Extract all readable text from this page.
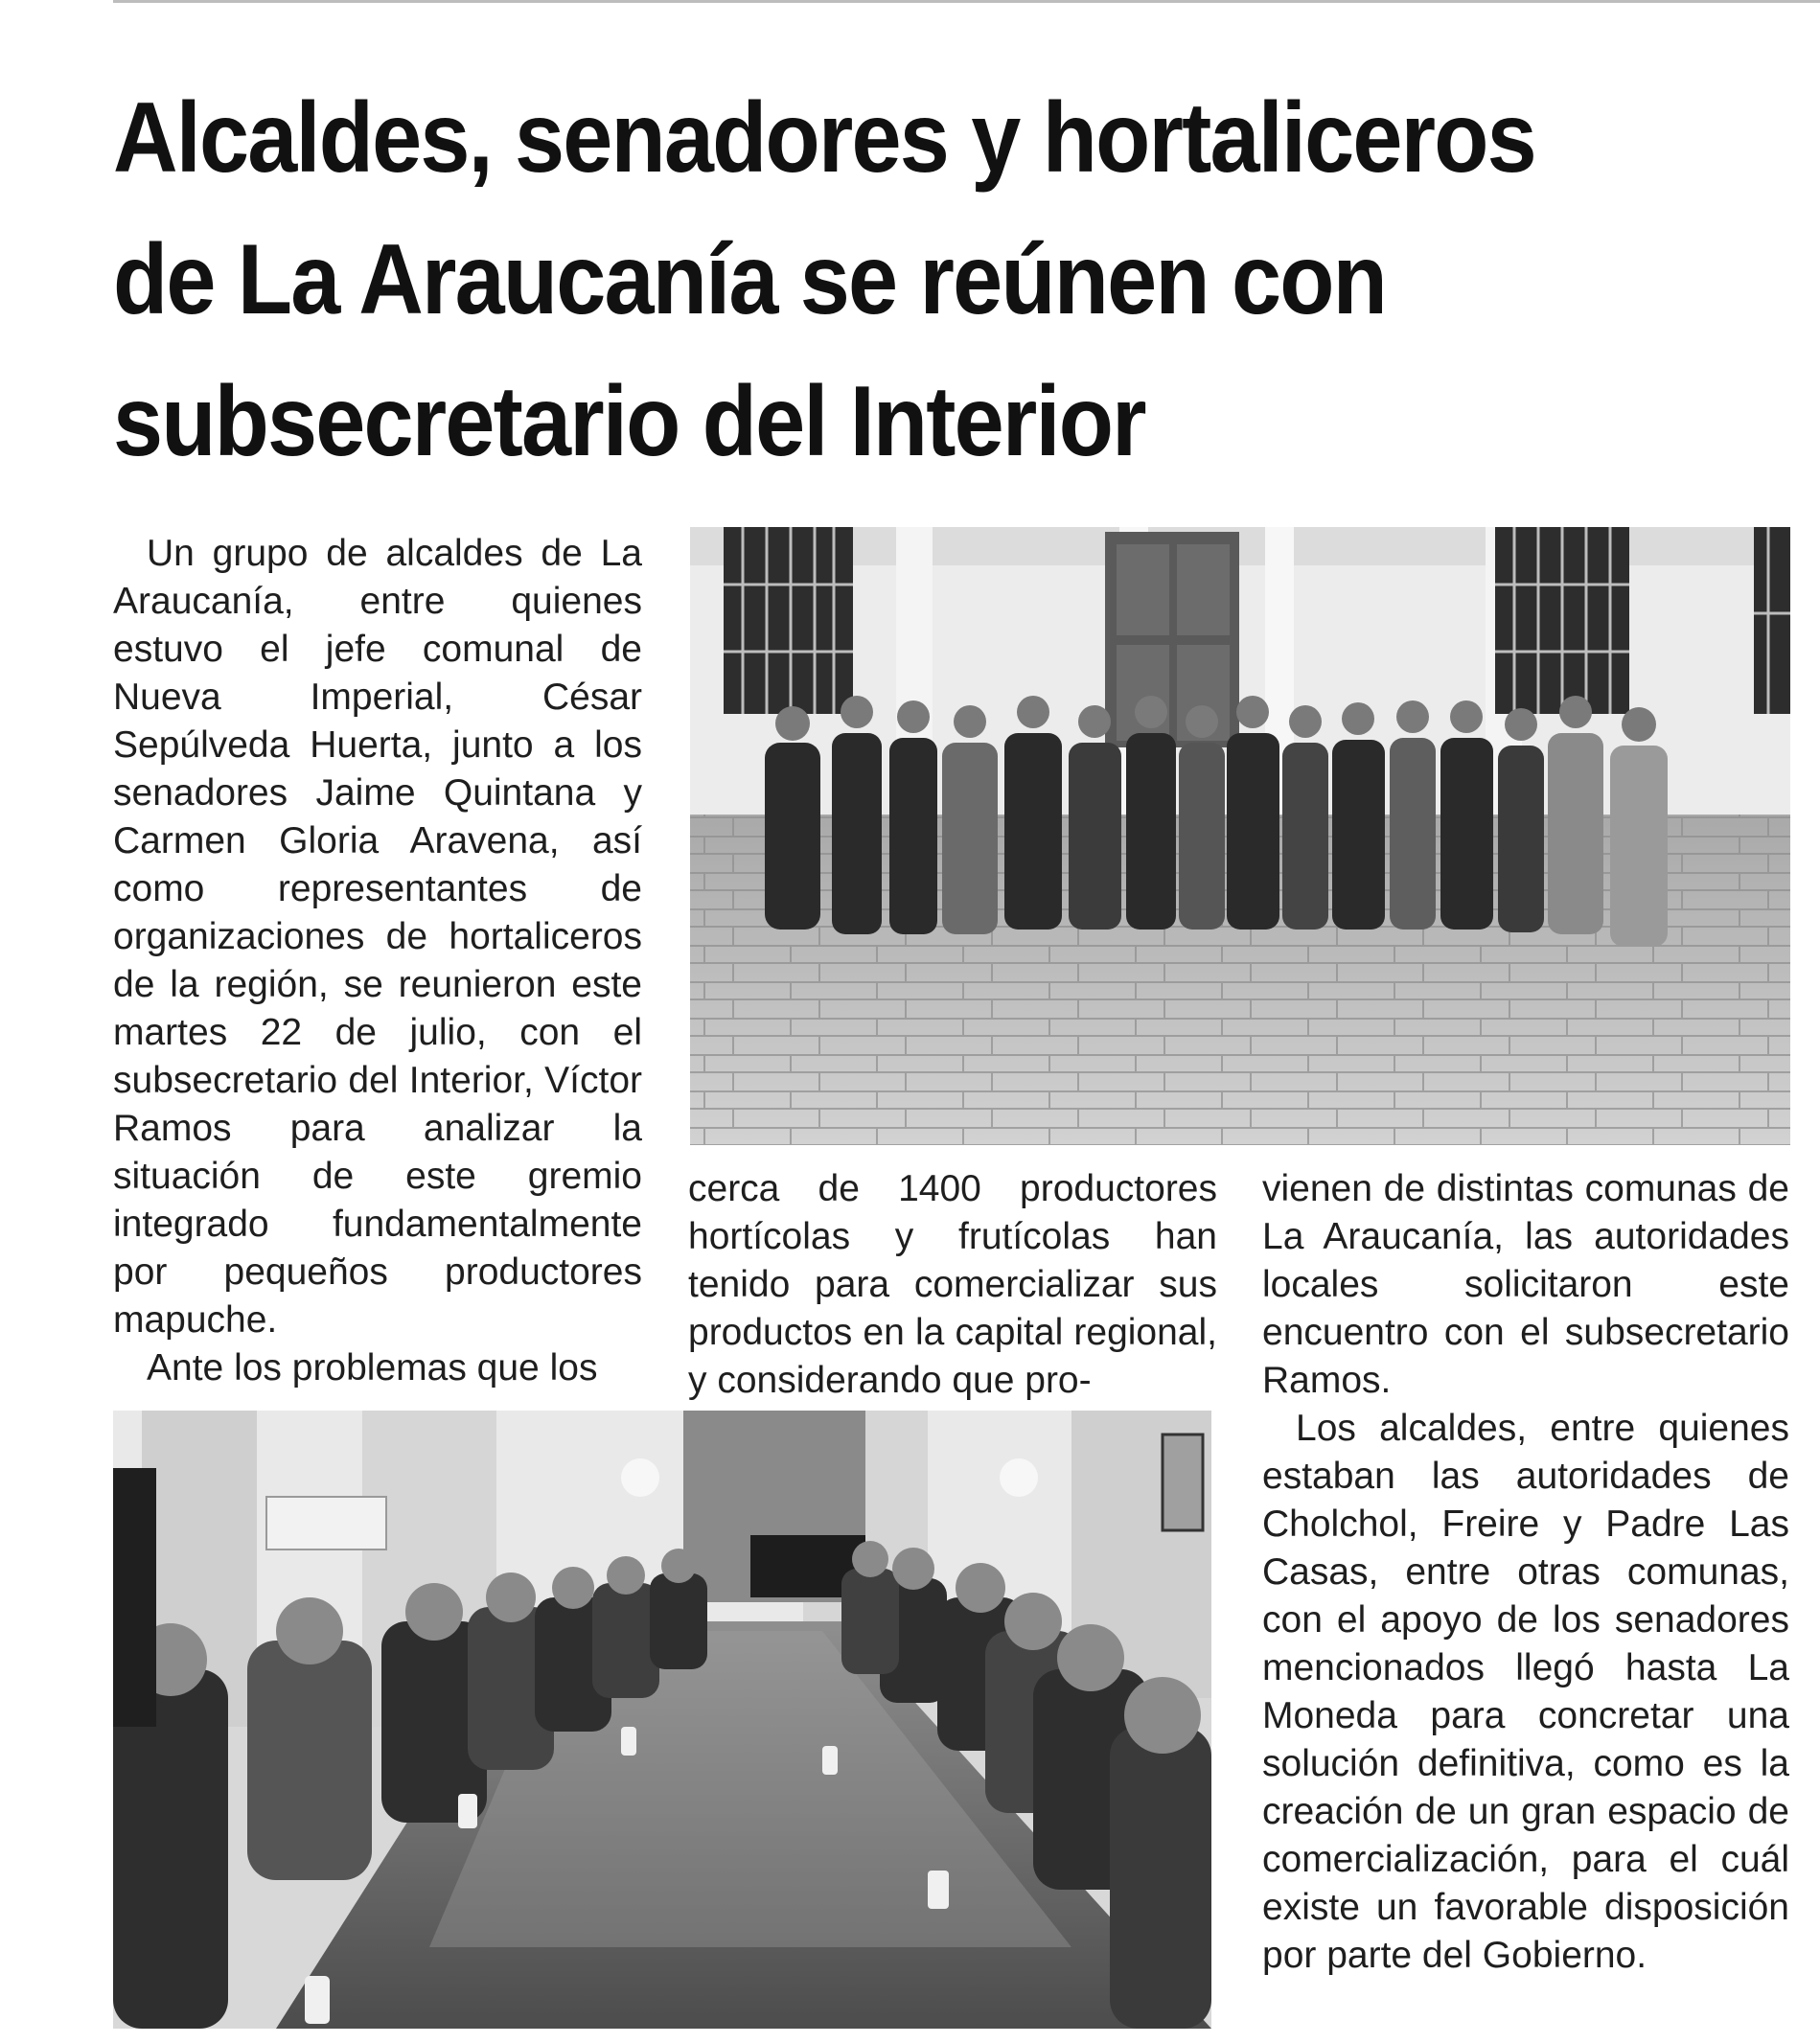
Alcaldes, senadores y hortaliceros
de La Araucanía se reúnen con
subsecretario del Interior

Un grupo de alcaldes de La Araucanía, entre quienes estuvo el jefe comunal de Nueva Imperial, César Sepúlveda Huerta, junto a los senadores Jaime Quintana y Carmen Gloria Aravena, así como representantes de organizaciones de hortaliceros de la región, se reunieron este martes 22 de julio, con el subsecretario del Interior, Víctor Ramos para analizar la situación de este gremio integrado fundamentalmente por pequeños productores mapuche.

Ante los problemas que los

cerca de 1400 productores hortícolas y frutícolas han tenido para comercializar sus productos en la capital regional, y considerando que pro-

vienen de distintas comunas de La Araucanía, las autoridades locales solicitaron este encuentro con el subsecretario Ramos.

Los alcaldes, entre quienes estaban las autoridades de Cholchol, Freire y Padre Las Casas, entre otras comunas, con el apoyo de los senadores mencionados llegó hasta La Moneda para concretar una solución definitiva, como es la creación de un gran espacio de comercialización, para el cuál existe un favorable disposición por parte del Gobierno.
